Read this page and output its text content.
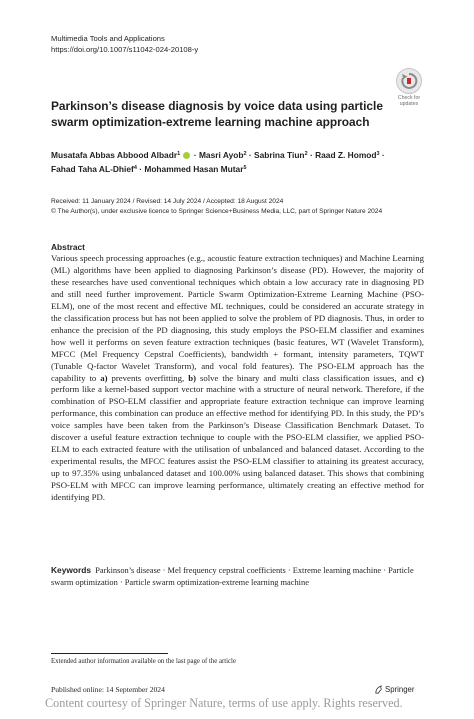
Multimedia Tools and Applications
https://doi.org/10.1007/s11042-024-20108-y
Check for
updates
Parkinson’s disease diagnosis by voice data using particle swarm optimization-extreme learning machine approach
Musatafa Abbas Abbood Albadr$^1$  · Masri Ayob$^2$ · Sabrina Tiun$^2$ · Raad Z. Homod$^3$ ·
Fahad Taha AL-Dhief$^4$ · Mohammed Hasan Mutar$^5$
Received: 11 January 2024 / Revised: 14 July 2024 / Accepted: 18 August 2024
© The Author(s), under exclusive licence to Springer Science+Business Media, LLC, part of Springer Nature 2024
Abstract
Various speech processing approaches (e.g., acoustic feature extraction techniques) and Machine Learning (ML) algorithms have been applied to diagnosing Parkinson’s disease (PD). However, the majority of these researches have used conventional techniques which obtain a low accuracy rate in diagnosing PD and still need further improvement. Particle Swarm Optimization-Extreme Learning Machine (PSO-ELM), one of the most recent and effective ML techniques, could be considered an accurate strategy in the classification process but has not been applied to solve the problem of PD diagnosis. Thus, in order to enhance the precision of the PD diagnosing, this study employs the PSO-ELM classifier and examines how well it performs on seven feature extraction techniques (basic features, WT (Wavelet Transform), MFCC (Mel Frequency Cepstral Coefficients), bandwidth + formant, intensity parameters, TQWT (Tunable Q-factor Wavelet Transform), and vocal fold features). The PSO-ELM approach has the capability to a) prevents overfitting, b) solve the binary and multi class classification issues, and c) perform like a kernel-based support vector machine with a structure of neural network. Therefore, if the combination of PSO-ELM classifier and appropriate feature extraction technique can improve learning performance, this combination can produce an effective method for identifying PD. In this study, the PD’s voice samples have been taken from the Parkinson’s Disease Classification Benchmark Dataset. To discover a useful feature extraction technique to couple with the PSO-ELM classifier, we applied PSO-ELM to each extracted feature with the utilisation of unbalanced and balanced dataset. According to the experimental results, the MFCC features assist the PSO-ELM classifier to attaining its greatest accuracy, up to 97.35% using unbalanced dataset and 100.00% using balanced dataset. This shows that combining PSO-ELM with MFCC can improve learning performance, ultimately creating an effective method for identifying PD.
Keywords Parkinson’s disease · Mel frequency cepstral coefficients · Extreme learning machine · Particle swarm optimization · Particle swarm optimization-extreme learning machine
Extended author information available on the last page of the article
Published online: 14 September 2024	Springer
Content courtesy of Springer Nature, terms of use apply. Rights reserved.
